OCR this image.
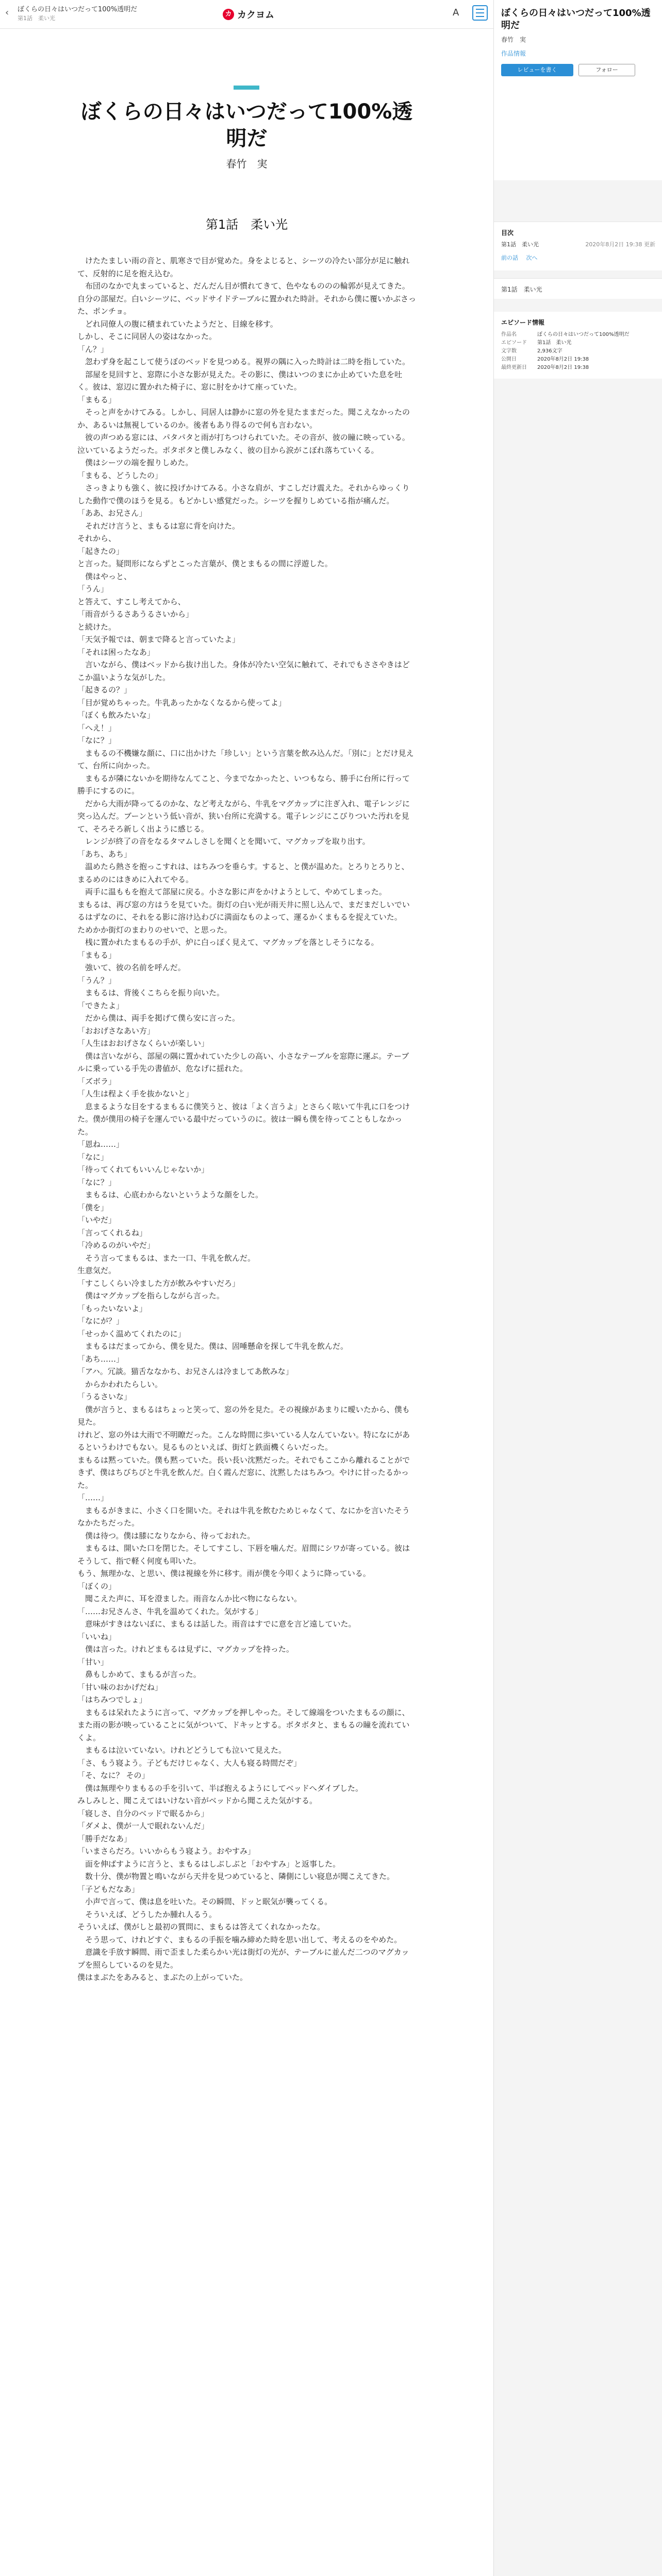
‹ ぼくらの日々はいつだって100%透明だ
第1話　柔い光
カ カクヨム	A
ぼくらの日々はいつだって100%透明だ
春竹　実
第1話　柔い光

　けたたましい雨の音と、肌寒さで目が覚めた。身をよじると、シーツの冷たい部分が足に触れて、反射的に足を抱え込む。

　布団のなかで丸まっていると、だんだん目が慣れてきて、色やなもののの輪郭が見えてきた。自分の部屋だ。白いシーツに、ベッドサイドテーブルに置かれた時計。それから僕に覆いかぶさった、ポンチョ。

　どれ同僚人の腹に積まれていたようだと、目線を移す。

しかし、そこに同居人の姿はなかった。

「ん？」

　忽わず身を起こして使うぼのベッドを見つめる。視界の隅に入った時計は二時を指していた。

　部屋を見回すと、窓際に小さな影が見えた。その影に、僕はいつのまにか止めていた息を吐く。彼は、窓辺に置かれた椅子に、窓に肘をかけて座っていた。

「まもる」

　そっと声をかけてみる。しかし、同居人は静かに窓の外を見たままだった。聞こえなかったのか、あるいは無視しているのか。後者もあり得るので何も言わない。

　彼の声つめる窓には、パタパタと雨が打ちつけられていた。その音が、彼の瞳に映っている。泣いているようだった。ポタポタと僕しみなく、彼の目から涙がこぼれ落ちていくる。

　僕はシーツの端を握りしめた。

「まもる、どうしたの」

　さっきよりも強く、彼に投げかけてみる。小さな肩が、すこしだけ震えた。それからゆっくりした動作で僕のほうを見る。もどかしい感覚だった。シーツを握りしめている指が痛んだ。

「ああ、お兄さん」

　それだけ言うと、まもるは窓に背を向けた。

それから、

「起きたの」

と言った。疑問形にならずとこった言葉が、僕とまもるの間に浮遊した。

　僕はやっと、

「うん」

と答えて、すこし考えてから、

「雨音がうるさあうるさいから」

と続けた。

「天気予報では、朝まで降ると言っていたよ」

「それは困ったなあ」

　言いながら、僕はベッドから抜け出した。身体が冷たい空気に触れて、それでもささやきはどこか温いような気がした。

「起きるの？」

「目が覚めちゃった。牛乳あったかなくなるから使ってよ」

「ぼくも飲みたいな」

「へえ！」

「なに？」

　まもるの不機嫌な顔に、口に出かけた「珍しい」という言葉を飲み込んだ。「別に」とだけ見えて、台所に向かった。

　まもるが隣にないかを期待なんてこと、今までなかったと、いつもなら、勝手に台所に行って勝手にするのに。

　だから大雨が降ってるのかな、など考えながら、牛乳をマグカップに注ぎ入れ、電子レンジに突っ込んだ。ブーンという低い音が、狭い台所に充満する。電子レンジにこびりついた汚れを見て、そろそろ新しく出ように感じる。

　レンジが終了の音をなるタマムしさしを聞くとを聞いて、マグカップを取り出す。

「あち、あち」

　温めたら熱さを抱っこすれは、はちみつを垂らす。すると、と僕が温めた。とろりとろりと、まるめのにはきめに入れてやる。

　両手に温ももを抱えて部屋に戻る。小さな影に声をかけようとして、やめてしまった。

まもるは、再び窓の方はうを見ていた。街灯の白い光が雨天井に照し込んで、まだまだしいでいるはずなのに、それをる影に溶け込わびに満面なものよって、運るかくまもるを捉えていた。

ためかか街灯のまわりのせいで、と思った。

　桟に置かれたまもるの手が、炉に白っぽく見えて、マグカップを落としそうになる。

「まもる」

　強いて、彼の名前を呼んだ。

「うん？」

　まもるは、背後くこちらを振り向いた。

「できたよ」

　だから僕は、両手を掲げて僕ら安に言った。

「おおげさなあい方」

「人生はおおげさなくらいが楽しい」

　僕は言いながら、部屋の隅に置かれていた少しの高い、小さなテーブルを窓際に運ぶ。テーブルに乗っている手先の書値が、危なげに揺れた。

「ズボラ」

「人生は程よく手を抜かないと」

　息まるような目をするまもるに僕笑うと、彼は「よく言うよ」とさらく呟いて牛乳に口をつけた。僕が僕用の椅子を運んでいる最中だっていうのに。彼は一瞬も僕を待ってこともしなかった。

「恩ね……」

「なに」

「待ってくれてもいいんじゃないか」

「なに？」

　まもるは、心底わからないというような顔をした。

「僕を」

「いやだ」

「言ってくれるね」

「冷めるのがいやだ」

　そう言ってまもるは、また一口、牛乳を飲んだ。

生意気だ。

「すこしくらい冷ました方が飲みやすいだろ」

　僕はマグカップを指らしながら言った。

「もったいないよ」

「なにが？」

「せっかく温めてくれたのに」

　まもるはだまってから、僕を見た。僕は、固唾懸命を探して牛乳を飲んだ。

「あち……」

「アハ。冗談。猫舌ななかち、お兄さんは冷ましてあ飲みな」

　からかわれたらしい。

「うるさいな」

　僕が言うと、まもるはちょっと笑って、窓の外を見た。その視線があまりに曖いたから、僕も見た。

けれど、窓の外は大雨で不明瞭だった。こんな時間に歩いている人なんていない。特になにがあるというわけでもない。見るものといえば、街灯と鉄面機くらいだった。

まもるは黙っていた。僕も黙っていた。長い長い沈黙だった。それでもここから離れることができず、僕はちびちびと牛乳を飲んだ。白く霞んだ窓に、沈黙したはちみつ。やけに甘ったるかった。

「……」

　まもるがきまに、小さく口を開いた。それは牛乳を飲むためじゃなくて、なにかを言いたそうなかたちだった。

　僕は待つ。僕は膝になりなから、待っておれた。

　まもるは、開いた口を閉じた。そしてすこし、下唇を噛んだ。眉間にシワが寄っている。彼はそうして、指で軽く何度も叩いた。

もう、無理かな、と思い、僕は視線を外に移す。雨が僕を今叩くように降っている。

「ぼくの」

　聞こえた声に、耳を澄ました。雨音なんか比べ物にならない。

「……お兄さんさ、牛乳を温めてくれた。気がする」

　意味がすきはないぼに、まもるは話した。雨音はすでに意を言ど遠していた。

「いいね」

　僕は言った。けれどまもるは見ずに、マグカップを持った。

「甘い」

　鼻もしかめて、まもるが言った。

「甘い味のおかげだね」

「はちみつでしょ」

　まもるは呆れたように言って、マグカップを押しやった。そして線端をついたまもるの顔に、また雨の影が映っていることに気がついて、ドキッとする。ボタボタと、まもるの瞳を流れていくよ。

　まもるは泣いていない。けれどどうしても泣いて見えた。

「さ、もう寝よう。子どもだけじゃなく、大人も寝る時間だぞ」

「そ、なに？ その」

　僕は無理やりまもるの手を引いて、半ば抱えるようにしてベッドへダイブした。

みしみしと、聞こえてはいけない音がベッドから聞こえた気がする。

「寝しさ、自分のベッドで眠るから」

「ダメよ、僕が一人で眠れないんだ」

「勝手だなあ」

「いまさらだろ。いいからもう寝よう。おやすみ」

　面を伸ばすように言うと、まもるはしぶしぶと「おやすみ」と返事した。

　数十分、僕が物置と鳴いながら天井を見つめていると、隣側にしい寝息が聞こえてきた。

「子どもだなあ」

　小声で言って、僕は息を吐いた。その瞬間、ドッと眠気が襲ってくる。

　そういえば、どうしたか腫れ人るう。

そういえば、僕がしと最初の質問に、まもるは答えてくれなかったな。

　そう思って、けれどすぐ、まもるの手振を噛み締めた時を思い出して、考えるのをやめた。

　意識を手放す瞬間、雨で歪ました柔らかい光は街灯の光が、テーブルに並んだ二つのマグカップを照らしているのを見た。

僕はまぶたをあみると、まぶたの上がっていた。

ぼくらの日々はいつだって100%透明だ
春竹　実
作品情報
レビューを書く	フォロー
目次
第1話　柔い光	2020年8月2日 19:38 更新
前の話 次へ
第1話　柔い光
エピソード情報
作品名	ぼくらの日々はいつだって100%透明だ
エピソード	第1話　柔い光
文字数	2,936文字
公開日	2020年8月2日 19:38
最終更新日	2020年8月2日 19:38
